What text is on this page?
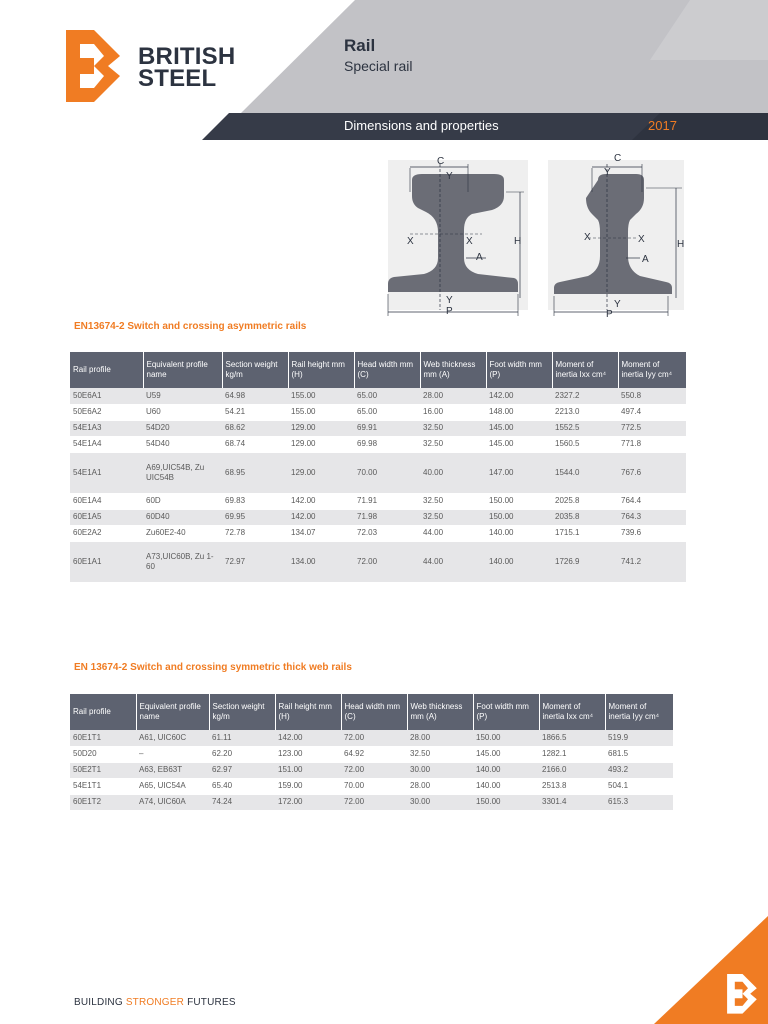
BRITISH
STEEL
Rail
Special rail
Dimensions and properties	2017
C
Y
X	X
A
H
Y
P
C
Y
X	X
A
H
Y
P
EN13674-2 Switch and crossing asymmetric rails
Rail profile	Equivalent profile name	Section weight kg/m	Rail height mm (H)	Head width mm (C)	Web thickness mm (A)	Foot width mm (P)	Moment of inertia Ixx cm⁴	Moment of inertia Iyy cm⁴
50E6A1	U59	64.98	155.00	65.00	28.00	142.00	2327.2	550.8
50E6A2	U60	54.21	155.00	65.00	16.00	148.00	2213.0	497.4
54E1A3	54D20	68.62	129.00	69.91	32.50	145.00	1552.5	772.5
54E1A4	54D40	68.74	129.00	69.98	32.50	145.00	1560.5	771.8
54E1A1	A69,UIC54B, Zu UIC54B	68.95	129.00	70.00	40.00	147.00	1544.0	767.6
60E1A4	60D	69.83	142.00	71.91	32.50	150.00	2025.8	764.4
60E1A5	60D40	69.95	142.00	71.98	32.50	150.00	2035.8	764.3
60E2A2	Zu60E2-40	72.78	134.07	72.03	44.00	140.00	1715.1	739.6
60E1A1	A73,UIC60B, Zu 1-60	72.97	134.00	72.00	44.00	140.00	1726.9	741.2
EN 13674-2 Switch and crossing symmetric thick web rails
Rail profile	Equivalent profile name	Section weight kg/m	Rail height mm (H)	Head width mm (C)	Web thickness mm (A)	Foot width mm (P)	Moment of inertia Ixx cm⁴	Moment of inertia Iyy cm⁴
60E1T1	A61, UIC60C	61.11	142.00	72.00	28.00	150.00	1866.5	519.9
50D20	–	62.20	123.00	64.92	32.50	145.00	1282.1	681.5
50E2T1	A63, EB63T	62.97	151.00	72.00	30.00	140.00	2166.0	493.2
54E1T1	A65, UIC54A	65.40	159.00	70.00	28.00	140.00	2513.8	504.1
60E1T2	A74, UIC60A	74.24	172.00	72.00	30.00	150.00	3301.4	615.3
BUILDING STRONGER FUTURES
